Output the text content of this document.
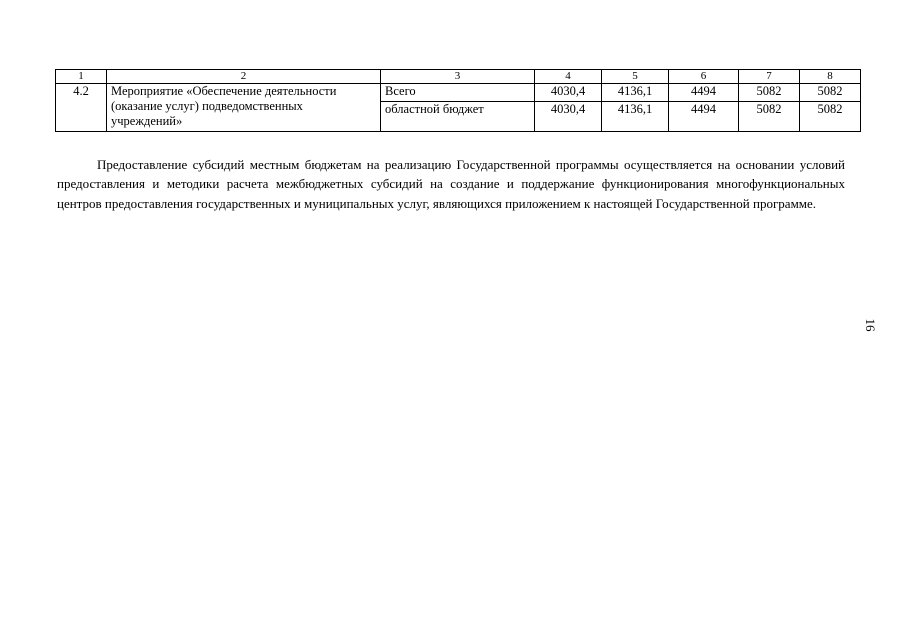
1	2	3	4	5	6	7	8
4.2	Мероприятие «Обеспечение деятельности (оказание услуг) подведомственных учреждений»	Всего	4030,4	4136,1	4494	5082	5082
		областной бюджет	4030,4	4136,1	4494	5082	5082

Предоставление субсидий местным бюджетам на реализацию Государственной программы осуществляется на основании условий предоставления и методики расчета межбюджетных субсидий на создание и поддержание функционирования многофункциональных центров предоставления государственных и муниципальных услуг, являющихся приложением к настоящей Государственной программе.

16
